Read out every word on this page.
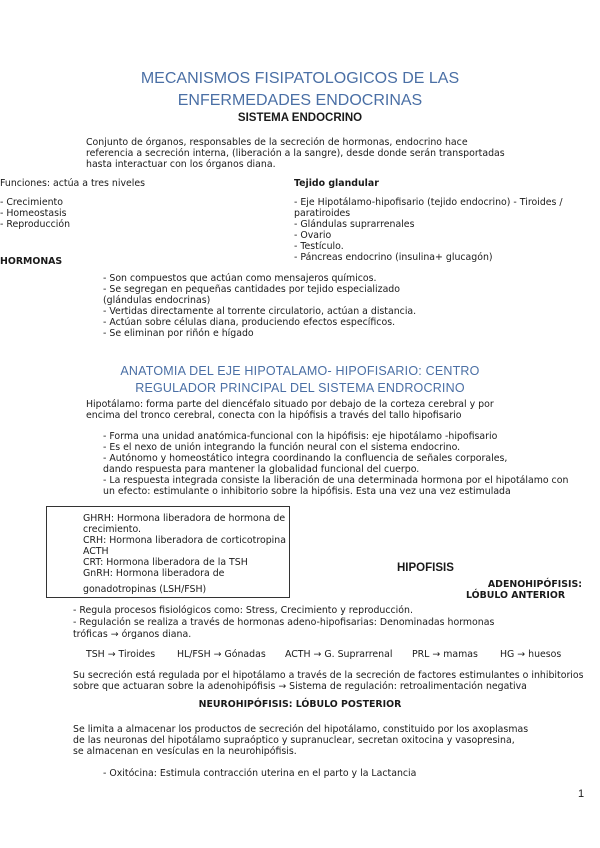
MECANISMOS FISIPATOLOGICOS DE LAS
ENFERMEDADES ENDOCRINAS
SISTEMA ENDOCRINO
Conjunto de órganos, responsables de la secreción de hormonas, endocrino hace
referencia a secreción interna, (liberación a la sangre), desde donde serán transportadas
hasta interactuar con los órganos diana.
Funciones: actúa a tres niveles
- Crecimiento
- Homeostasis
- Reproducción
Tejido glandular
- Eje Hipotálamo-hipofisario (tejido endocrino) - Tiroides /
paratiroides
- Glándulas suprarrenales
- Ovario
- Testículo.
- Páncreas endocrino (insulina+ glucagón)
HORMONAS
- Son compuestos que actúan como mensajeros químicos.
- Se segregan en pequeñas cantidades por tejido especializado
(glándulas endocrinas)
- Vertidas directamente al torrente circulatorio, actúan a distancia.
- Actúan sobre células diana, produciendo efectos específicos.
- Se eliminan por riñón e hígado
ANATOMIA DEL EJE HIPOTALAMO- HIPOFISARIO: CENTRO
REGULADOR PRINCIPAL DEL SISTEMA ENDROCRINO
Hipotálamo: forma parte del diencéfalo situado por debajo de la corteza cerebral y por
encima del tronco cerebral, conecta con la hipófisis a través del tallo hipofisario
- Forma una unidad anatómica-funcional con la hipófisis: eje hipotálamo -hipofisario
- Es el nexo de unión integrando la función neural con el sistema endocrino.
- Autónomo y homeostático integra coordinando la confluencia de señales corporales,
dando respuesta para mantener la globalidad funcional del cuerpo.
- La respuesta integrada consiste la liberación de una determinada hormona por el hipotálamo con
un efecto: estimulante o inhibitorio sobre la hipófisis. Esta una vez una vez estimulada
GHRH: Hormona liberadora de hormona de
crecimiento.
CRH: Hormona liberadora de corticotropina
ACTH
CRT: Hormona liberadora de la TSH
GnRH: Hormona liberadora de
gonadotropinas (LSH/FSH)
HIPOFISIS
ADENOHIPÓFISIS:
LÓBULO ANTERIOR
- Regula procesos fisiológicos como: Stress, Crecimiento y reproducción.
- Regulación se realiza a través de hormonas adeno-hipofisarias: Denominadas hormonas
tróficas → órganos diana.
TSH → Tiroides HL/FSH → Gónadas ACTH → G. Suprarrenal PRL → mamas HG → huesos
Su secreción está regulada por el hipotálamo a través de la secreción de factores estimulantes o inhibitorios
sobre que actuaran sobre la adenohipófisis → Sistema de regulación: retroalimentación negativa
NEUROHIPÓFISIS: LÓBULO POSTERIOR
Se limita a almacenar los productos de secreción del hipotálamo, constituido por los axoplasmas
de las neuronas del hipotálamo supraóptico y supranuclear, secretan oxitocina y vasopresina,
se almacenan en vesículas en la neurohipófisis.
- Oxitócina: Estimula contracción uterina en el parto y la Lactancia
1
